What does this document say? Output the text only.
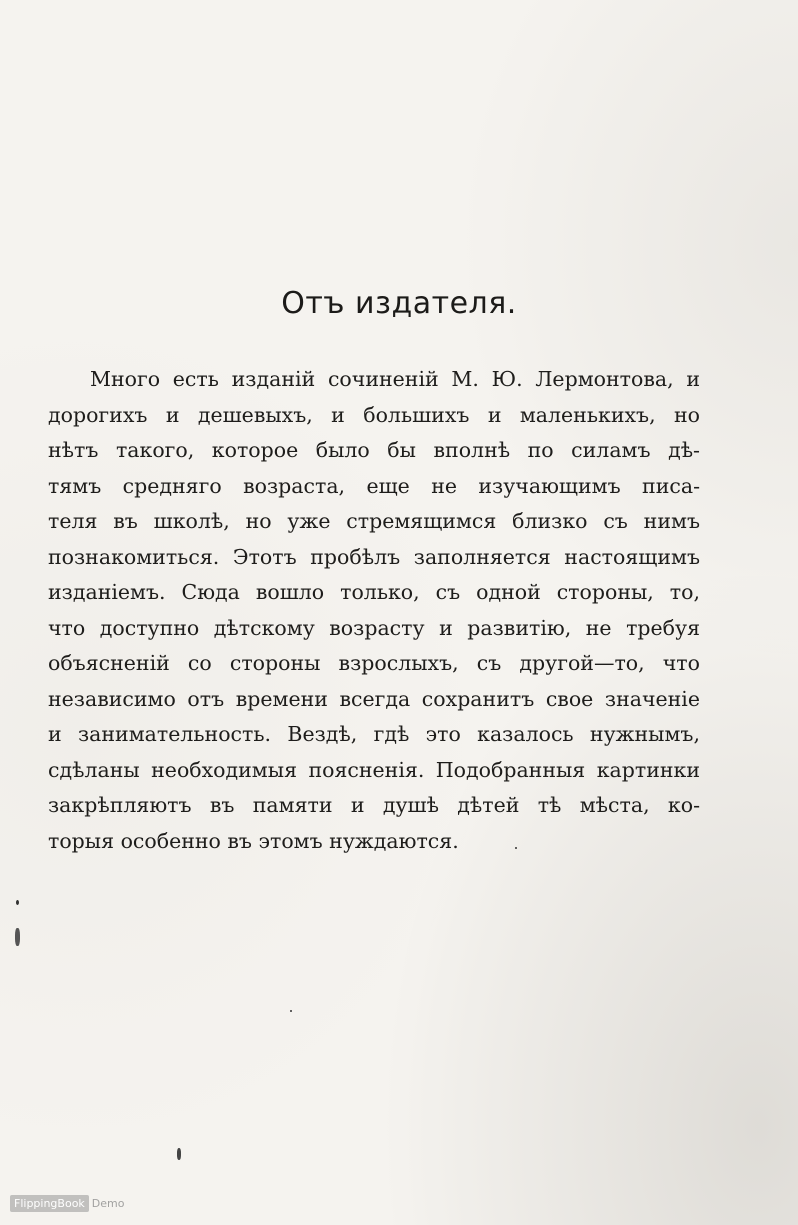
Отъ издателя.
Много есть изданій сочиненій М. Ю. Лермонтова, и
дорогихъ и дешевыхъ, и большихъ и маленькихъ, но
нѣтъ такого, которое было бы вполнѣ по силамъ дѣ-
тямъ средняго возраста, еще не изучающимъ писа-
теля въ школѣ, но уже стремящимся близко съ нимъ
познакомиться. Этотъ пробѣлъ заполняется настоящимъ
изданіемъ. Сюда вошло только, съ одной стороны, то,
что доступно дѣтскому возрасту и развитію, не требуя
объясненій со стороны взрослыхъ, съ другой—то, что
независимо отъ времени всегда сохранитъ свое значеніе
и занимательность. Вездѣ, гдѣ это казалось нужнымъ,
сдѣланы необходимыя поясненія. Подобранныя картинки
закрѣпляютъ въ памяти и душѣ дѣтей тѣ мѣста, ко-
торыя особенно въ этомъ нуждаются.
FlippingBook Demo
